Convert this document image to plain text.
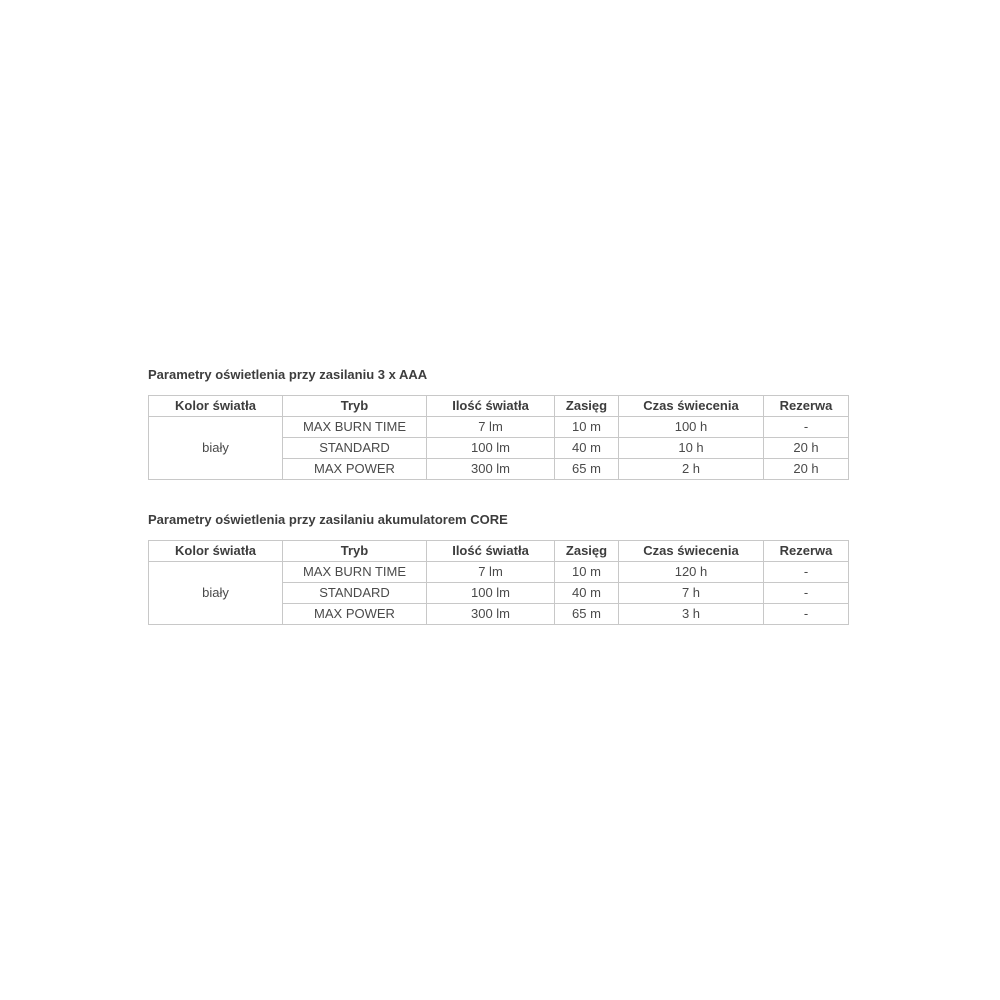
Parametry oświetlenia przy zasilaniu 3 x AAA
Kolor światła	Tryb	Ilość światła	Zasięg	Czas świecenia	Rezerwa
biały	MAX BURN TIME	7 lm	10 m	100 h	-
	STANDARD	100 lm	40 m	10 h	20 h
	MAX POWER	300 lm	65 m	2 h	20 h
Parametry oświetlenia przy zasilaniu akumulatorem CORE
Kolor światła	Tryb	Ilość światła	Zasięg	Czas świecenia	Rezerwa
biały	MAX BURN TIME	7 lm	10 m	120 h	-
	STANDARD	100 lm	40 m	7 h	-
	MAX POWER	300 lm	65 m	3 h	-
